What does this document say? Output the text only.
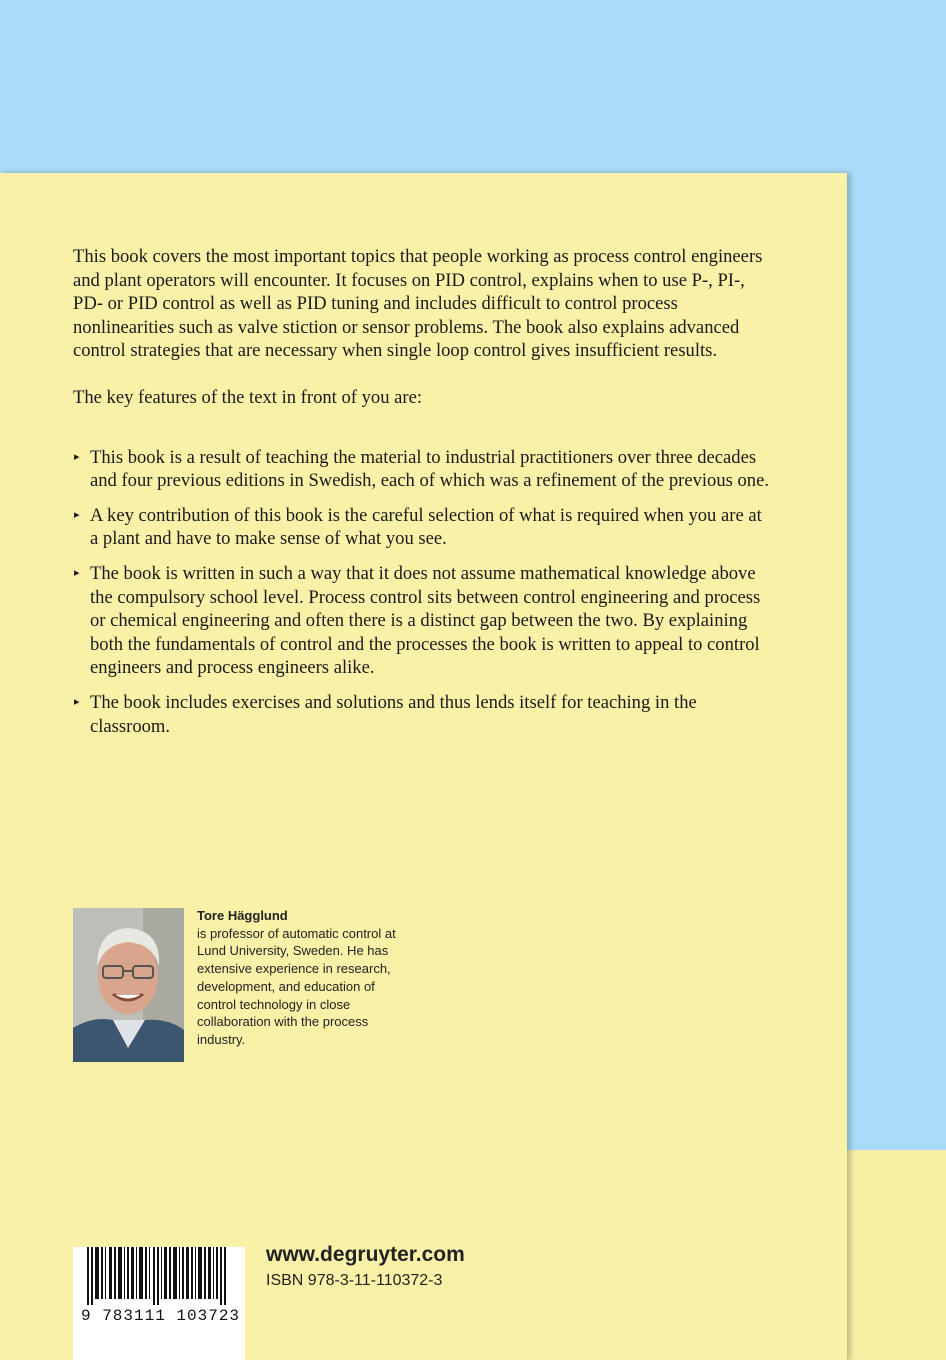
This book covers the most important topics that people working as process control engineers and plant operators will encounter. It focuses on PID control, explains when to use P-, PI-, PD- or PID control as well as PID tuning and includes difficult to control process nonlinearities such as valve stiction or sensor problems. The book also explains advanced control strategies that are necessary when single loop control gives insufficient results.

The key features of the text in front of you are:

▸ This book is a result of teaching the material to industrial practitioners over three decades and four previous editions in Swedish, each of which was a refinement of the previous one.
▸ A key contribution of this book is the careful selection of what is required when you are at a plant and have to make sense of what you see.
▸ The book is written in such a way that it does not assume mathematical knowledge above the compulsory school level. Process control sits between control engineering and process or chemical engineering and often there is a distinct gap between the two. By explaining both the fundamentals of control and the processes the book is written to appeal to control engineers and process engineers alike.
▸ The book includes exercises and solutions and thus lends itself for teaching in the classroom.
Tore Hägglund
is professor of automatic control at Lund University, Sweden. He has extensive experience in research, development, and education of control technology in close collaboration with the process industry.
9 783111 103723
www.degruyter.com
ISBN 978-3-11-110372-3
